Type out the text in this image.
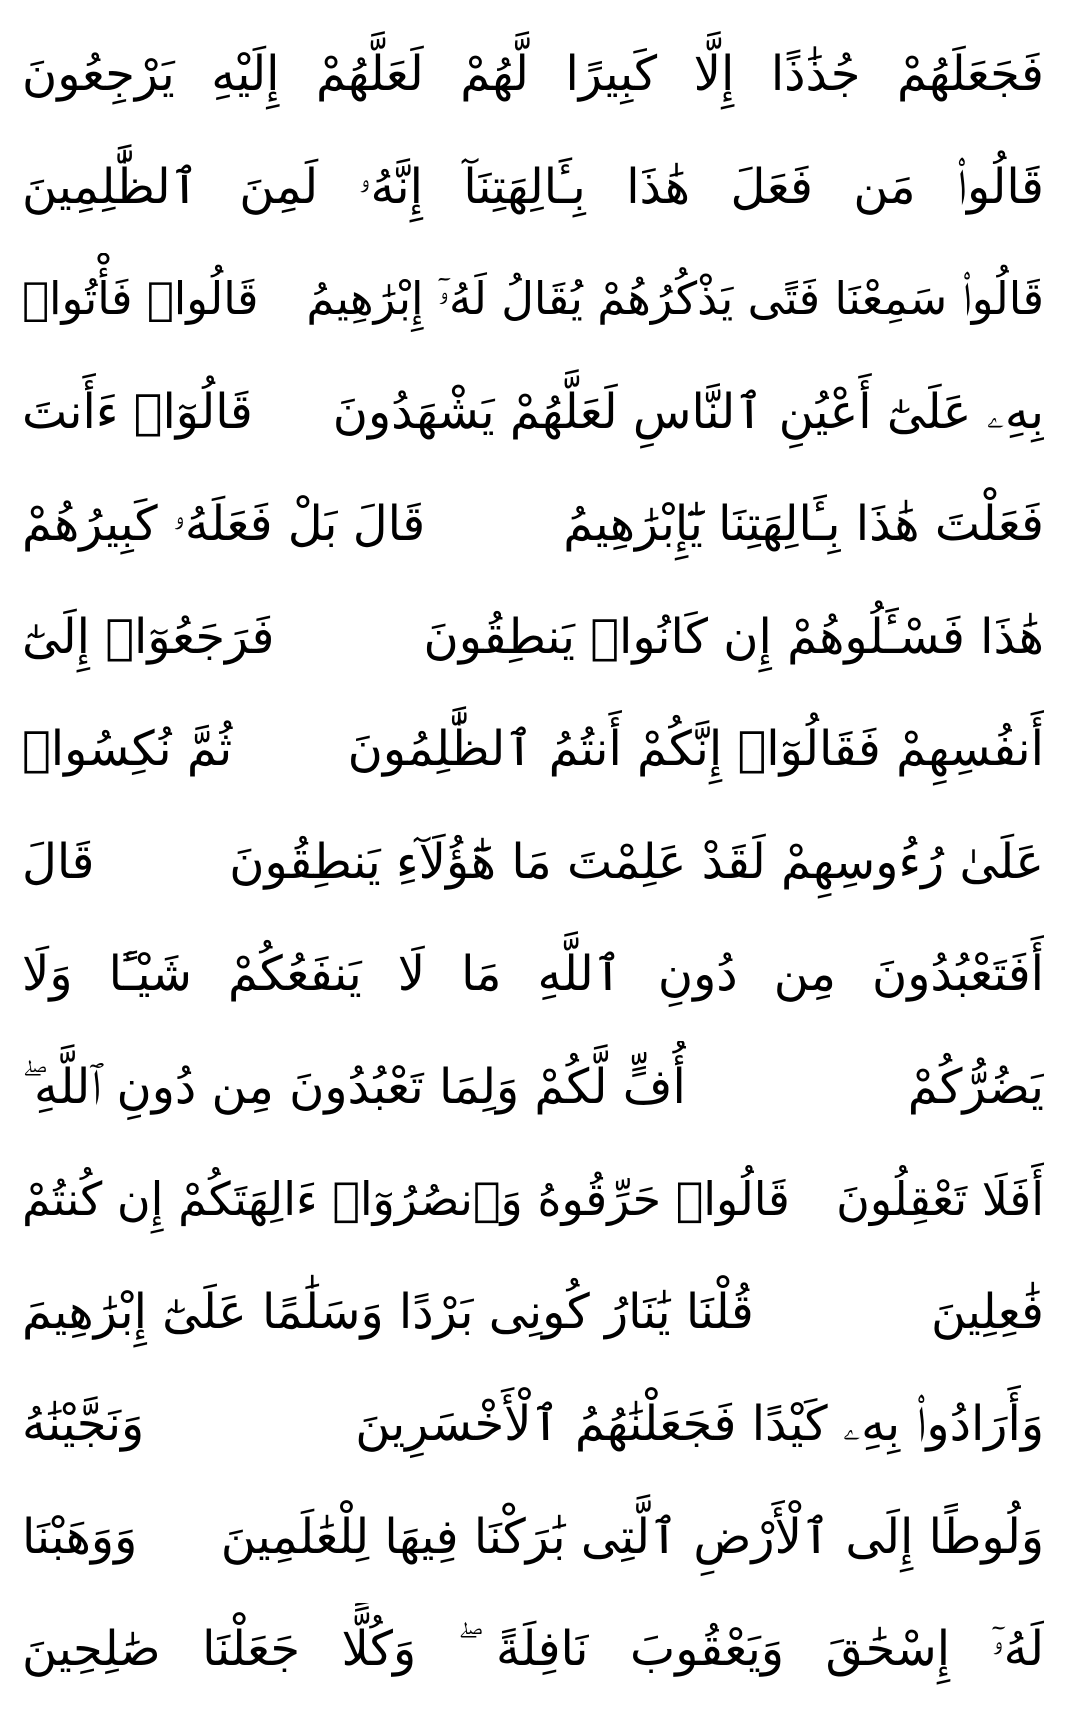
فَجَعَلَهُمْ جُذَٰذًا إِلَّا كَبِيرًا لَّهُمْ لَعَلَّهُمْ إِلَيْهِ يَرْجِعُونَ
قَالُوا۟ مَن فَعَلَ هَٰذَا بِـَٔالِهَتِنَآ إِنَّهُۥ لَمِنَ ٱلظَّٰلِمِينَ
قَالُوا۟ سَمِعْنَا فَتًى يَذْكُرُهُمْ يُقَالُ لَهُۥٓ إِبْرَٰهِيمُ
قَالُوا۟ فَأْتُوا۟
بِهِۦ عَلَىٰٓ أَعْيُنِ ٱلنَّاسِ لَعَلَّهُمْ يَشْهَدُونَ
قَالُوٓا۟ ءَأَنتَ
فَعَلْتَ هَٰذَا بِـَٔالِهَتِنَا يَٰٓإِبْرَٰهِيمُ
قَالَ بَلْ فَعَلَهُۥ كَبِيرُهُمْ
هَٰذَا فَسْـَٔلُوهُمْ إِن كَانُوا۟ يَنطِقُونَ
فَرَجَعُوٓا۟ إِلَىٰٓ
أَنفُسِهِمْ فَقَالُوٓا۟ إِنَّكُمْ أَنتُمُ ٱلظَّٰلِمُونَ
ثُمَّ نُكِسُوا۟
عَلَىٰ رُءُوسِهِمْ لَقَدْ عَلِمْتَ مَا هَٰٓؤُلَآءِ يَنطِقُونَ
قَالَ
أَفَتَعْبُدُونَ مِن دُونِ ٱللَّهِ مَا لَا يَنفَعُكُمْ شَيْـًٔا وَلَا
يَضُرُّكُمْ
أُفٍّ لَّكُمْ وَلِمَا تَعْبُدُونَ مِن دُونِ ٱللَّهِ ۖ
أَفَلَا تَعْقِلُونَ
قَالُوا۟ حَرِّقُوهُ وَٱنصُرُوٓا۟ ءَالِهَتَكُمْ إِن كُنتُمْ
فَٰعِلِينَ
قُلْنَا يَٰنَارُ كُونِى بَرْدًا وَسَلَٰمًا عَلَىٰٓ إِبْرَٰهِيمَ
وَأَرَادُوا۟ بِهِۦ كَيْدًا فَجَعَلْنَٰهُمُ ٱلْأَخْسَرِينَ
وَنَجَّيْنَٰهُ
وَلُوطًا إِلَى ٱلْأَرْضِ ٱلَّتِى بَٰرَكْنَا فِيهَا لِلْعَٰلَمِينَ
وَوَهَبْنَا
لَهُۥٓ إِسْحَٰقَ وَيَعْقُوبَ نَافِلَةً ۖ وَكُلًّا جَعَلْنَا صَٰلِحِينَ
